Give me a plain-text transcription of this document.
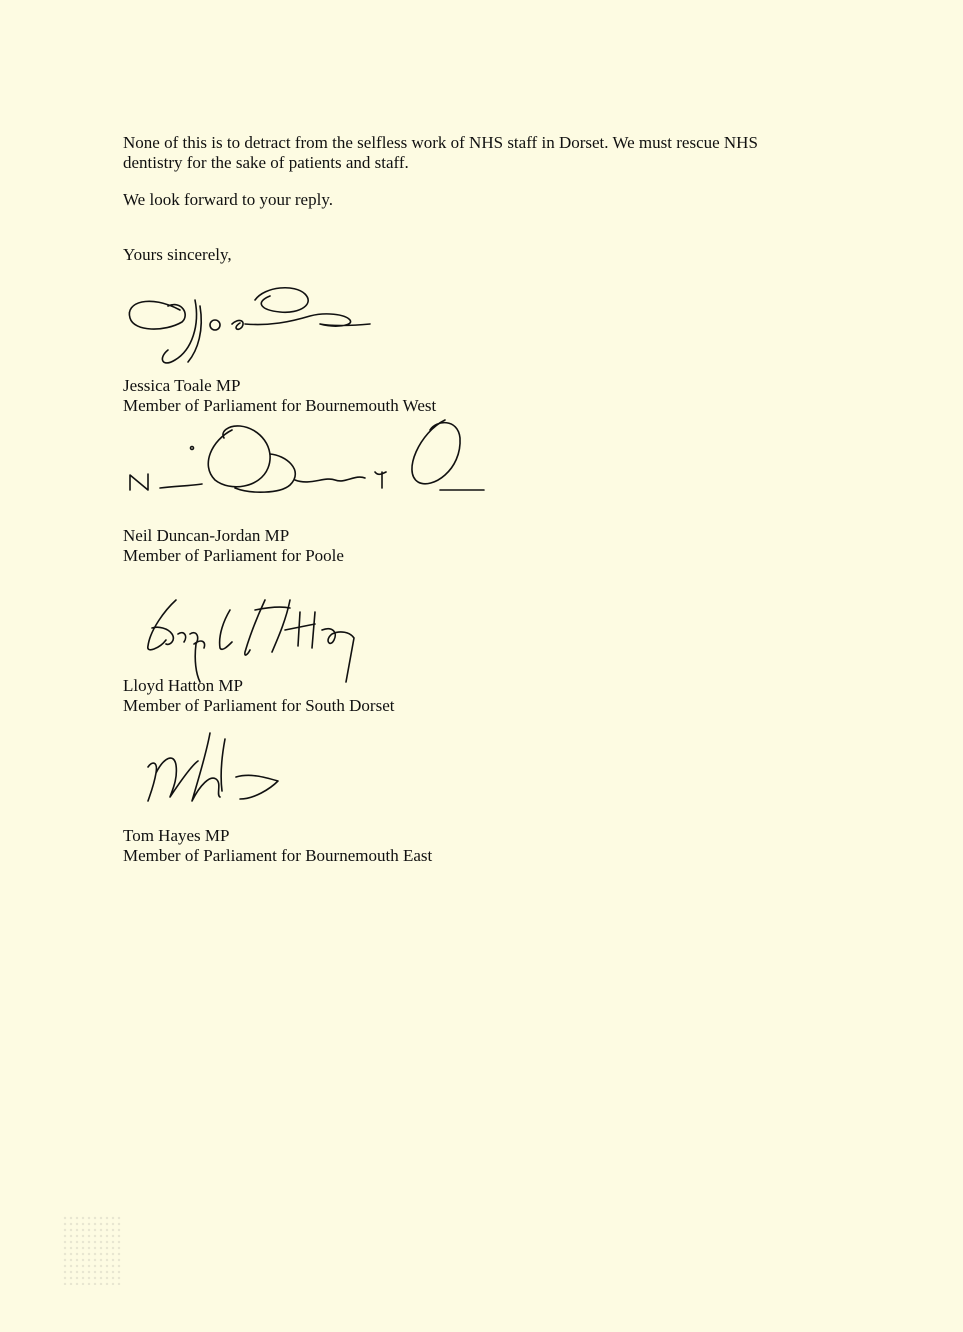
None of this is to detract from the selfless work of NHS staff in Dorset. We must rescue NHS
dentistry for the sake of patients and staff.
We look forward to your reply.
Yours sincerely,
Jessica Toale MP
Member of Parliament for Bournemouth West
Neil Duncan-Jordan MP
Member of Parliament for Poole
Lloyd Hatton MP
Member of Parliament for South Dorset
Tom Hayes MP
Member of Parliament for Bournemouth East
